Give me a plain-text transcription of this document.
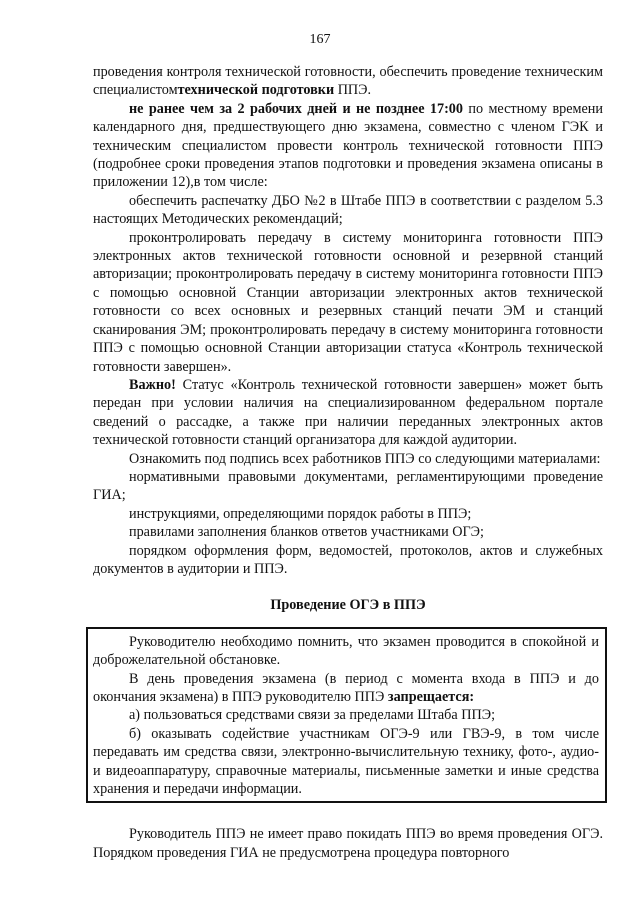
167

проведения контроля технической готовности, обеспечить проведение техническим специалистомтехнической подготовки ППЭ.

не ранее чем за 2 рабочих дней и не позднее 17:00 по местному времени календарного дня, предшествующего дню экзамена, совместно с членом ГЭК и техническим специалистом провести контроль технической готовности ППЭ (подробнее сроки проведения этапов подготовки и проведения экзамена описаны в приложении 12),в том числе:

обеспечить распечатку ДБО №2 в Штабе ППЭ в соответствии с разделом 5.3 настоящих Методических рекомендаций;

проконтролировать передачу в систему мониторинга готовности ППЭ электронных актов технической готовности основной и резервной станций авторизации; проконтролировать передачу в систему мониторинга готовности ППЭ с помощью основной Станции авторизации электронных актов технической готовности со всех основных и резервных станций печати ЭМ и станций сканирования ЭМ; проконтролировать передачу в систему мониторинга готовности ППЭ с помощью основной Станции авторизации статуса «Контроль технической готовности завершен».

Важно! Статус «Контроль технической готовности завершен» может быть передан при условии наличия на специализированном федеральном портале сведений о рассадке, а также при наличии переданных электронных актов технической готовности станций организатора для каждой аудитории.

Ознакомить под подпись всех работников ППЭ со следующими материалами:

нормативными правовыми документами, регламентирующими проведение ГИА;

инструкциями, определяющими порядок работы в ППЭ;

правилами заполнения бланков ответов участниками ОГЭ;

порядком оформления форм, ведомостей, протоколов, актов и служебных документов в аудитории и ППЭ.

Проведение ОГЭ в ППЭ

Руководителю необходимо помнить, что экзамен проводится в спокойной и доброжелательной обстановке.

В день проведения экзамена (в период с момента входа в ППЭ и до окончания экзамена) в ППЭ руководителю ППЭ запрещается:

а) пользоваться средствами связи за пределами Штаба ППЭ;

б) оказывать содействие участникам ОГЭ-9 или ГВЭ-9, в том числе передавать им средства связи, электронно-вычислительную технику, фото-, аудио- и видеоаппаратуру, справочные материалы, письменные заметки и иные средства хранения и передачи информации.

Руководитель ППЭ не имеет право покидать ППЭ во время проведения ОГЭ. Порядком проведения ГИА не предусмотрена процедура повторного
